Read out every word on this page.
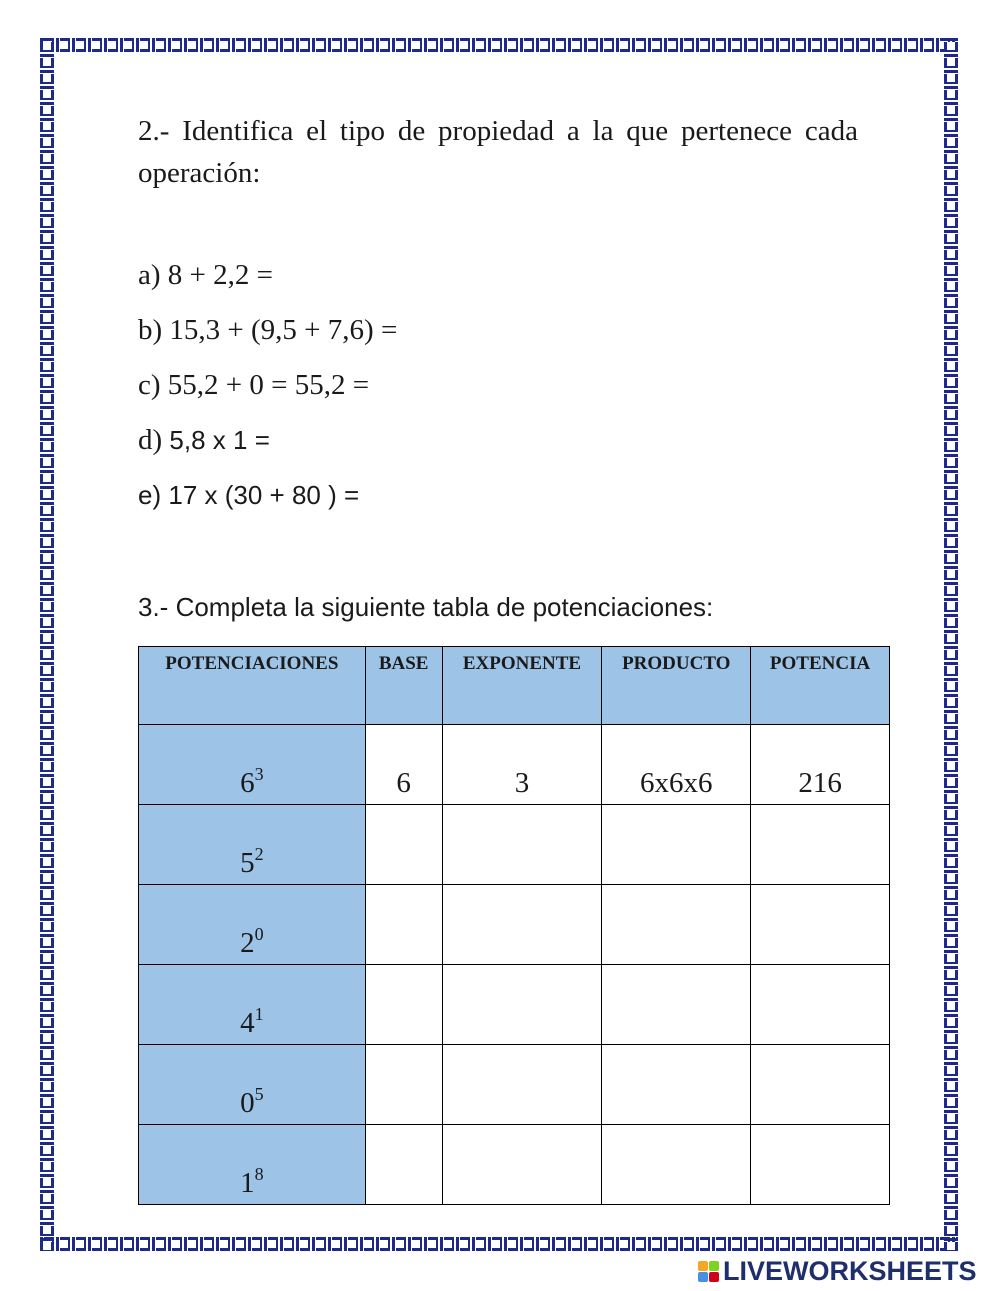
2.- Identifica el tipo de propiedad a la que pertenece cada operación:

a) 8 + 2,2 =
b) 15,3 + (9,5 + 7,6) =
c) 55,2 + 0 = 55,2 =
d) 5,8 x 1 =
e) 17 x (30 + 80 ) =

3.- Completa la siguiente tabla de potenciaciones:

POTENCIACIONES	BASE	EXPONENTE	PRODUCTO	POTENCIA
$6^3$	6	3	6x6x6	216
$5^2$				
$2^0$				
$4^1$				
$0^5$				
$1^8$				
LIVEWORKSHEETS
